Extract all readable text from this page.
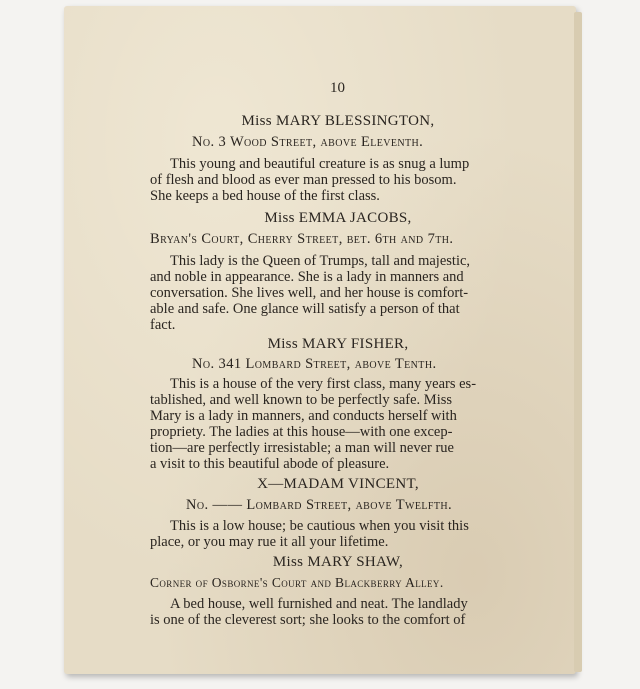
10
Miss MARY BLESSINGTON,
No. 3 Wood Street, above Eleventh.
This young and beautiful creature is as snug a lump
of flesh and blood as ever man pressed to his bosom.
She keeps a bed house of the first class.
Miss EMMA JACOBS,
Bryan's Court, Cherry Street, bet. 6th and 7th.
This lady is the Queen of Trumps, tall and majestic,
and noble in appearance. She is a lady in manners and
conversation. She lives well, and her house is comfort-
able and safe. One glance will satisfy a person of that
fact.
Miss MARY FISHER,
No. 341 Lombard Street, above Tenth.
This is a house of the very first class, many years es-
tablished, and well known to be perfectly safe. Miss
Mary is a lady in manners, and conducts herself with
propriety. The ladies at this house—with one excep-
tion—are perfectly irresistable; a man will never rue
a visit to this beautiful abode of pleasure.
X—MADAM VINCENT,
No. —— Lombard Street, above Twelfth.
This is a low house; be cautious when you visit this
place, or you may rue it all your lifetime.
Miss MARY SHAW,
Corner of Osborne's Court and Blackberry Alley.
A bed house, well furnished and neat. The landlady
is one of the cleverest sort; she looks to the comfort of
